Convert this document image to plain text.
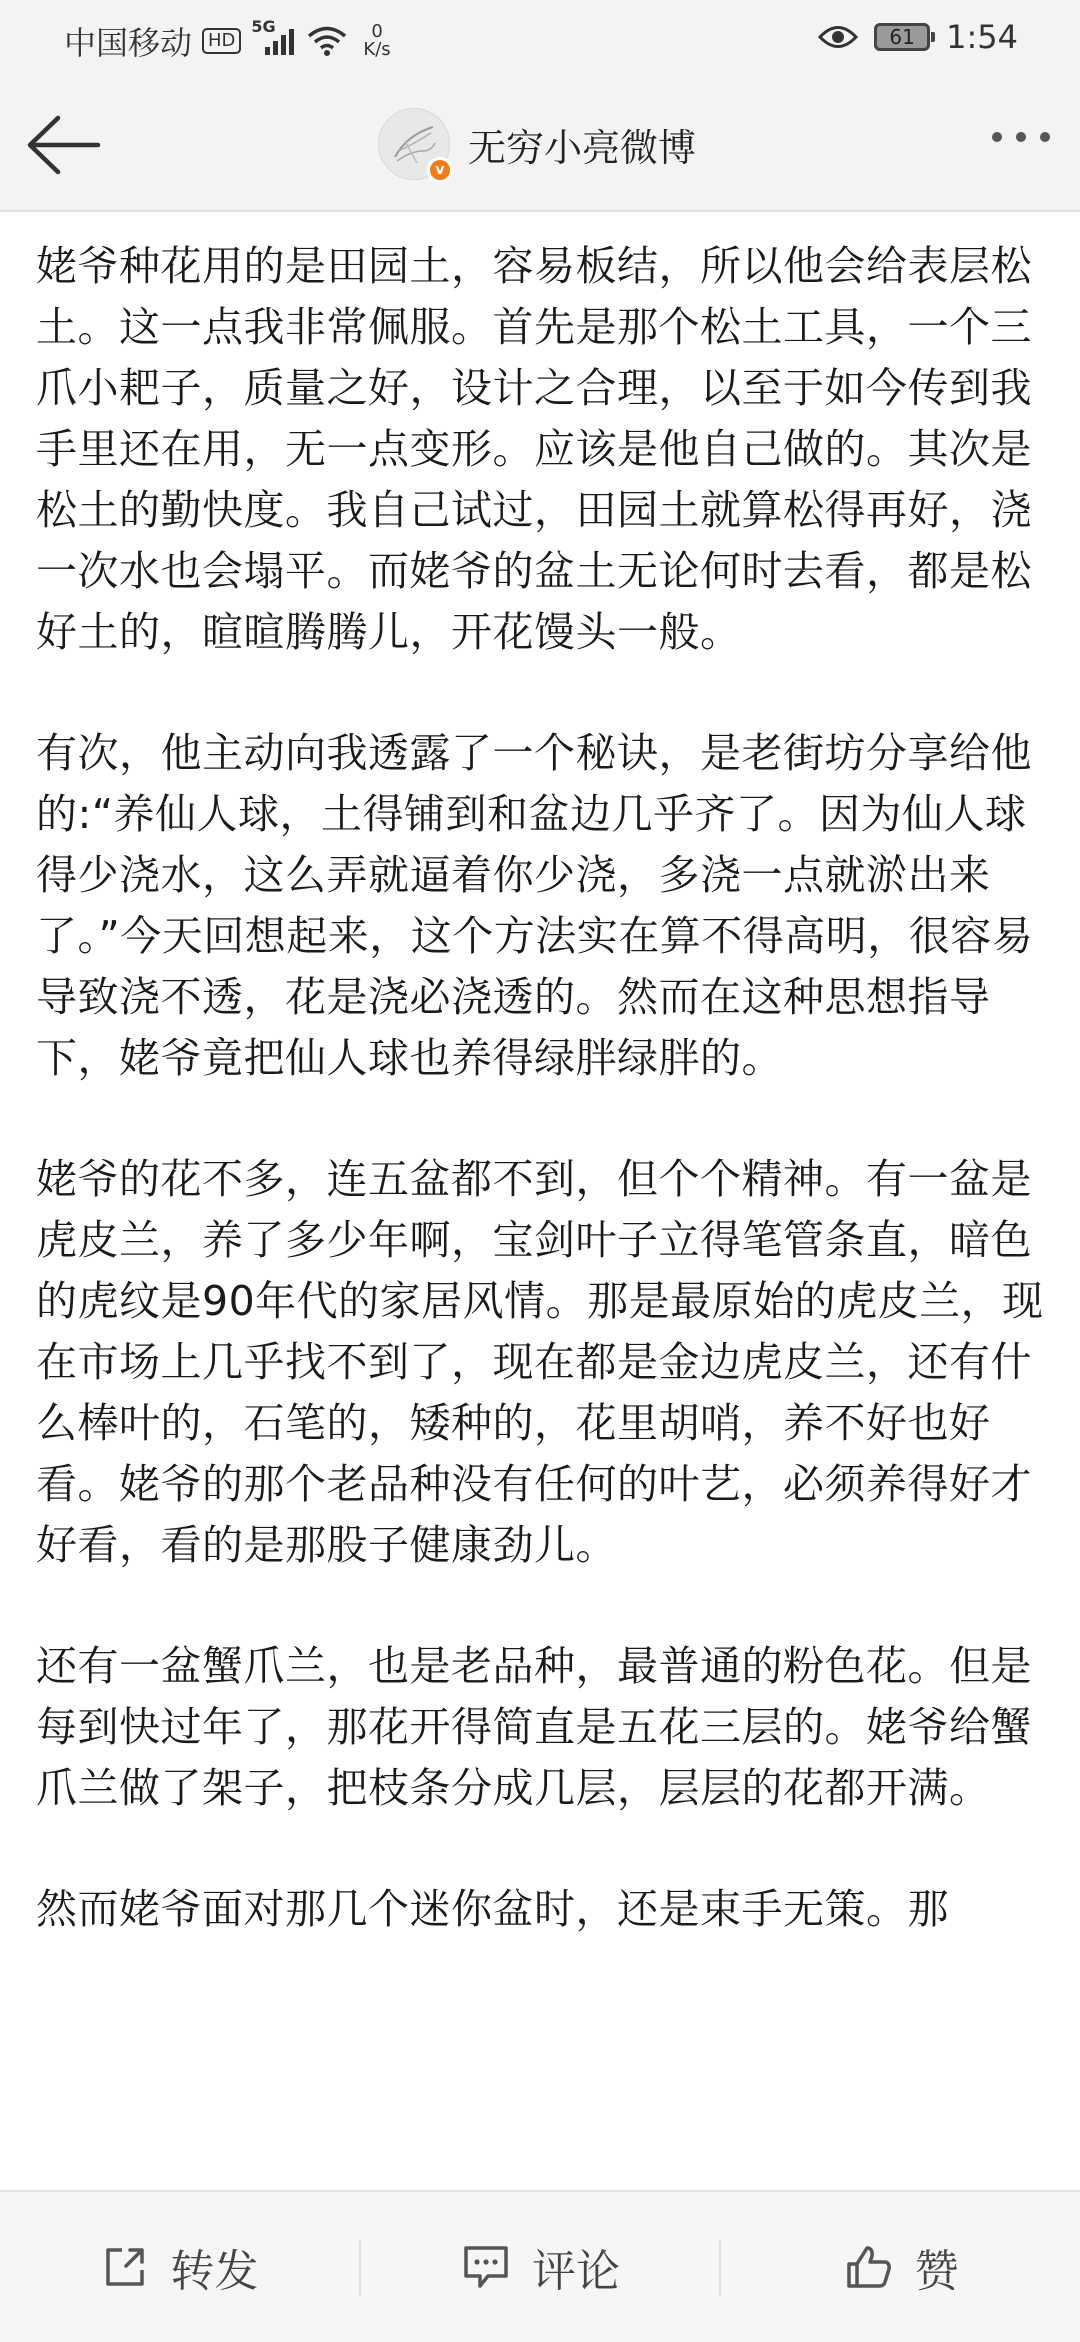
中国移动 HD
5G	0
K/s
61 1:54
v
无穷小亮微博

姥爷种花用的是田园土，容易板结，所以他会给表层松土。这一点我非常佩服。首先是那个松土工具，一个三爪小耙子，质量之好，设计之合理，以至于如今传到我手里还在用，无一点变形。应该是他自己做的。其次是松土的勤快度。我自己试过，田园土就算松得再好，浇一次水也会塌平。而姥爷的盆土无论何时去看，都是松好土的，暄暄腾腾儿，开花馒头一般。

有次，他主动向我透露了一个秘诀，是老街坊分享给他的:“养仙人球，土得铺到和盆边几乎齐了。因为仙人球得少浇水，这么弄就逼着你少浇，多浇一点就淤出来了。”今天回想起来，这个方法实在算不得高明，很容易导致浇不透，花是浇必浇透的。然而在这种思想指导下，姥爷竟把仙人球也养得绿胖绿胖的。

姥爷的花不多，连五盆都不到，但个个精神。有一盆是虎皮兰，养了多少年啊，宝剑叶子立得笔管条直，暗色的虎纹是90年代的家居风情。那是最原始的虎皮兰，现在市场上几乎找不到了，现在都是金边虎皮兰，还有什么棒叶的，石笔的，矮种的，花里胡哨，养不好也好看。姥爷的那个老品种没有任何的叶艺，必须养得好才好看，看的是那股子健康劲儿。

还有一盆蟹爪兰，也是老品种，最普通的粉色花。但是每到快过年了，那花开得简直是五花三层的。姥爷给蟹爪兰做了架子，把枝条分成几层，层层的花都开满。

然而姥爷面对那几个迷你盆时，还是束手无策。那

转发	评论	赞
